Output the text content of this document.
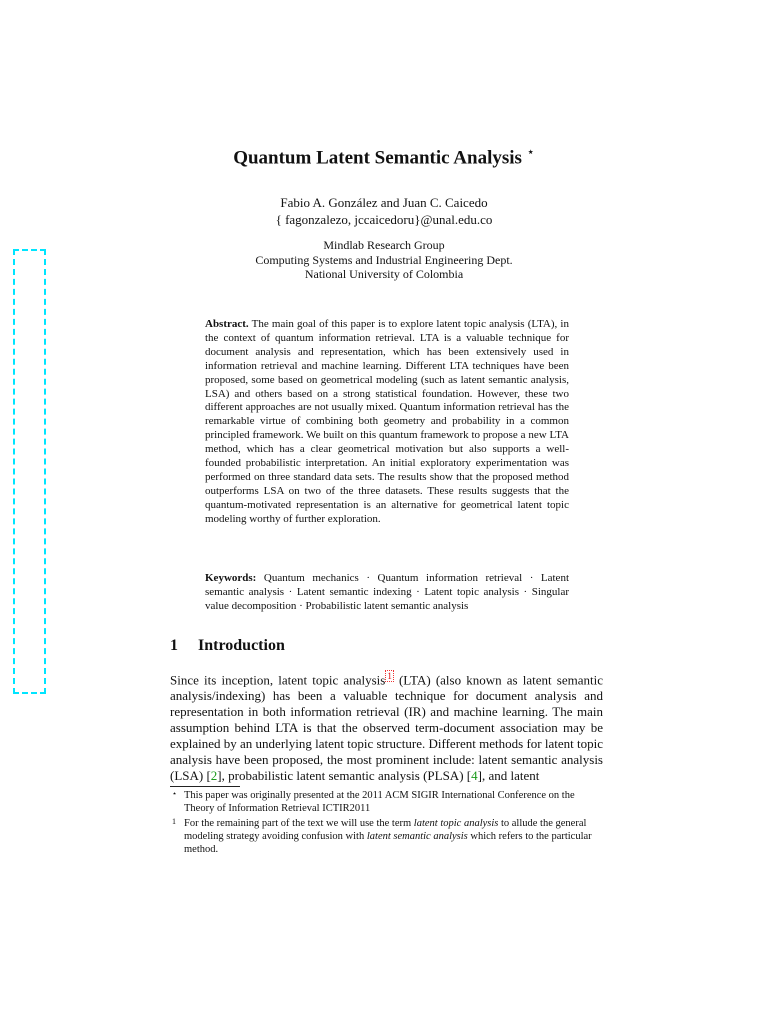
Quantum Latent Semantic Analysis ⋆
Fabio A. González and Juan C. Caicedo
{ fagonzalezo, jccaicedoru}@unal.edu.co
Mindlab Research Group
Computing Systems and Industrial Engineering Dept.
National University of Colombia
Abstract. The main goal of this paper is to explore latent topic analysis (LTA), in the context of quantum information retrieval. LTA is a valuable technique for document analysis and representation, which has been extensively used in information retrieval and machine learning. Different LTA techniques have been proposed, some based on geometrical modeling (such as latent semantic analysis, LSA) and others based on a strong statistical foundation. However, these two different approaches are not usually mixed. Quantum information retrieval has the remarkable virtue of combining both geometry and probability in a common principled framework. We built on this quantum framework to propose a new LTA method, which has a clear geometrical motivation but also supports a well-founded probabilistic interpretation. An initial exploratory experimentation was performed on three standard data sets. The results show that the proposed method outperforms LSA on two of the three datasets. These results suggests that the quantum-motivated representation is an alternative for geometrical latent topic modeling worthy of further exploration.
Keywords: Quantum mechanics · Quantum information retrieval · Latent semantic analysis · Latent semantic indexing · Latent topic analysis · Singular value decomposition · Probabilistic latent semantic analysis
1 Introduction
Since its inception, latent topic analysis $^1$ (LTA) (also known as latent semantic analysis/indexing) has been a valuable technique for document analysis and representation in both information retrieval (IR) and machine learning. The main assumption behind LTA is that the observed term-document association may be explained by an underlying latent topic structure. Different methods for latent topic analysis have been proposed, the most prominent include: latent semantic analysis (LSA) [2], probabilistic latent semantic analysis (PLSA) [4], and latent
⋆ This paper was originally presented at the 2011 ACM SIGIR International Conference on the Theory of Information Retrieval ICTIR2011
1 For the remaining part of the text we will use the term latent topic analysis to allude the general modeling strategy avoiding confusion with latent semantic analysis which refers to the particular method.
